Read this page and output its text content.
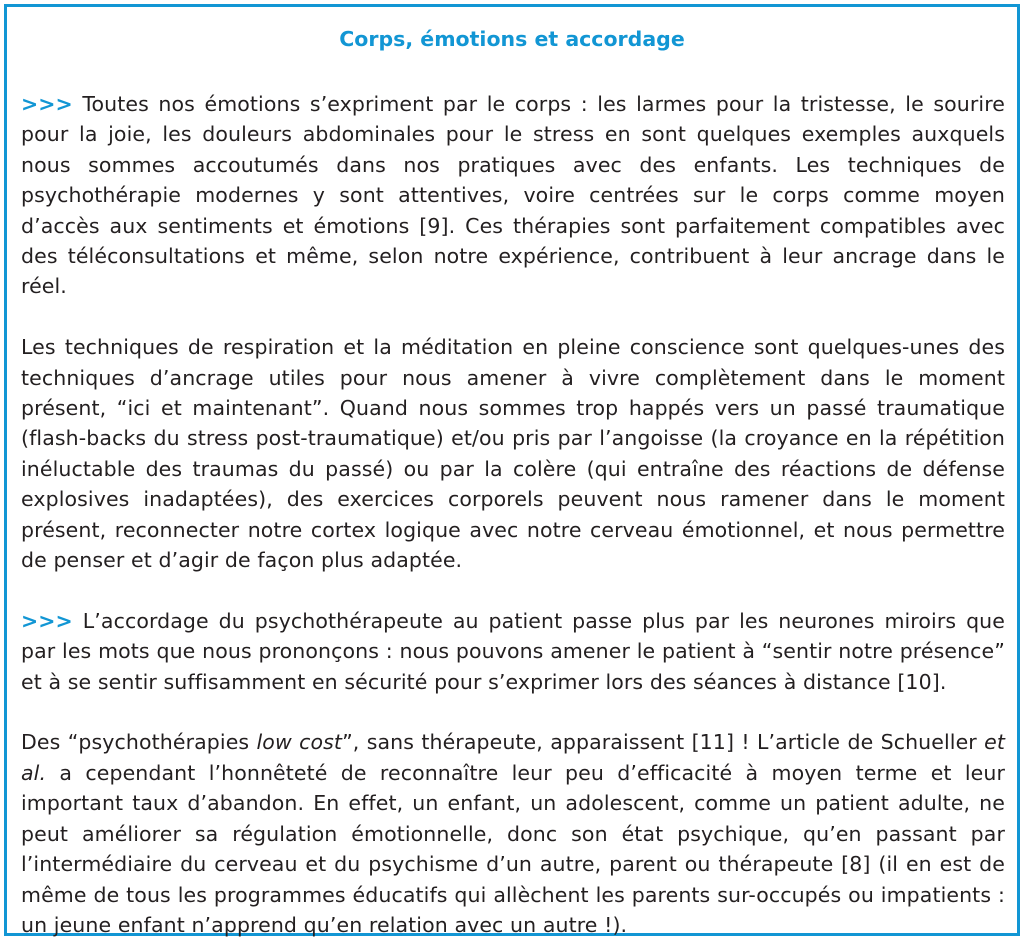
Corps, émotions et accordage

>>> Toutes nos émotions s’expriment par le corps : les larmes pour la tristesse, le sourire pour la joie, les douleurs abdominales pour le stress en sont quelques exemples auxquels nous sommes accoutumés dans nos pratiques avec des enfants. Les techniques de psychothérapie modernes y sont attentives, voire centrées sur le corps comme moyen d’accès aux sentiments et émotions [9]. Ces thérapies sont parfaitement compatibles avec des téléconsultations et même, selon notre expérience, contribuent à leur ancrage dans le réel.

Les techniques de respiration et la méditation en pleine conscience sont quelques-unes des techniques d’ancrage utiles pour nous amener à vivre complètement dans le moment présent, “ici et maintenant”. Quand nous sommes trop happés vers un passé traumatique (flash-backs du stress post-traumatique) et/ou pris par l’angoisse (la croyance en la répétition inéluctable des traumas du passé) ou par la colère (qui entraîne des réactions de défense explosives inadaptées), des exercices corporels peuvent nous ramener dans le moment présent, reconnecter notre cortex logique avec notre cerveau émotionnel, et nous permettre de penser et d’agir de façon plus adaptée.

>>> L’accordage du psychothérapeute au patient passe plus par les neurones miroirs que par les mots que nous prononçons : nous pouvons amener le patient à “sentir notre présence” et à se sentir suffisamment en sécurité pour s’exprimer lors des séances à distance [10].

Des “psychothérapies low cost”, sans thérapeute, apparaissent [11] ! L’article de Schueller et al. a cependant l’honnêteté de reconnaître leur peu d’efficacité à moyen terme et leur important taux d’abandon. En effet, un enfant, un adolescent, comme un patient adulte, ne peut améliorer sa régulation émotionnelle, donc son état psychique, qu’en passant par l’intermédiaire du cerveau et du psychisme d’un autre, parent ou thérapeute [8] (il en est de même de tous les programmes éducatifs qui allèchent les parents sur-occupés ou impatients : un jeune enfant n’apprend qu’en relation avec un autre !).
